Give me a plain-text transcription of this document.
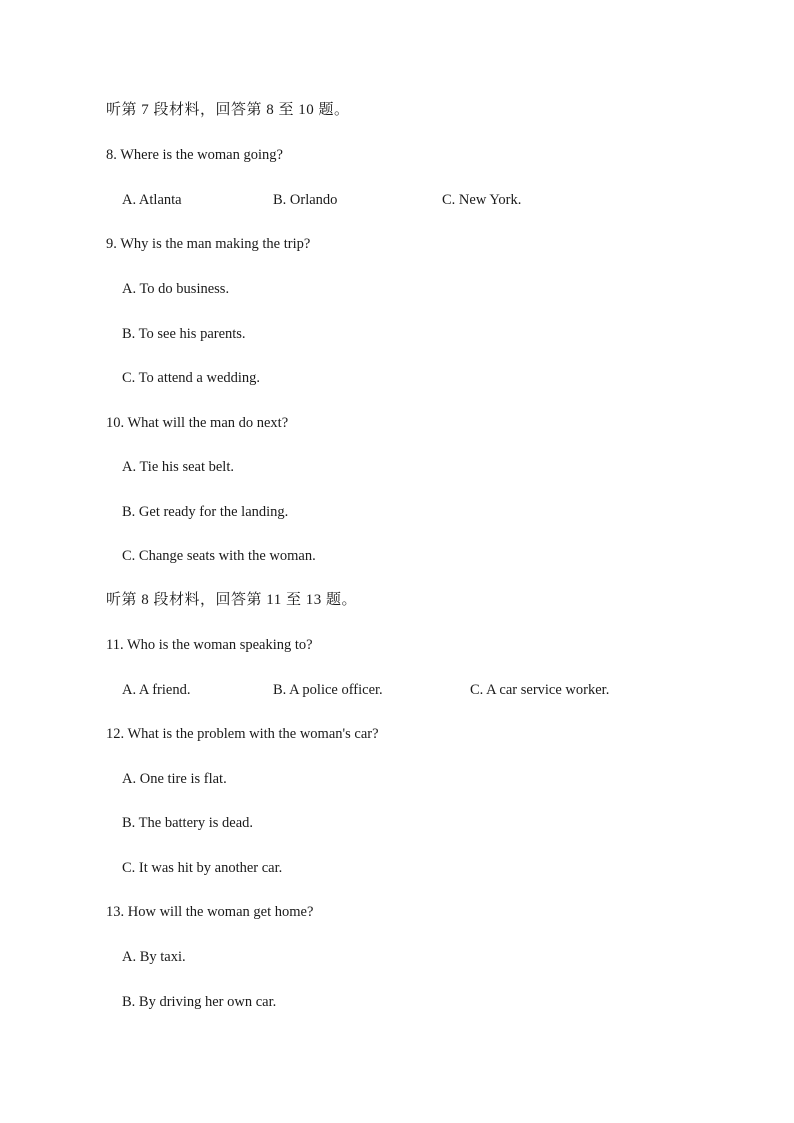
听第 7 段材料，回答第 8 至 10 题。
8. Where is the woman going?
A. Atlanta	B. Orlando	C. New York.
9. Why is the man making the trip?
A. To do business.
B. To see his parents.
C. To attend a wedding.
10. What will the man do next?
A. Tie his seat belt.
B. Get ready for the landing.
C. Change seats with the woman.
听第 8 段材料，回答第 11 至 13 题。
11. Who is the woman speaking to?
A. A friend.	B. A police officer.	C. A car service worker.
12. What is the problem with the woman's car?
A. One tire is flat.
B. The battery is dead.
C. It was hit by another car.
13. How will the woman get home?
A. By taxi.
B. By driving her own car.
